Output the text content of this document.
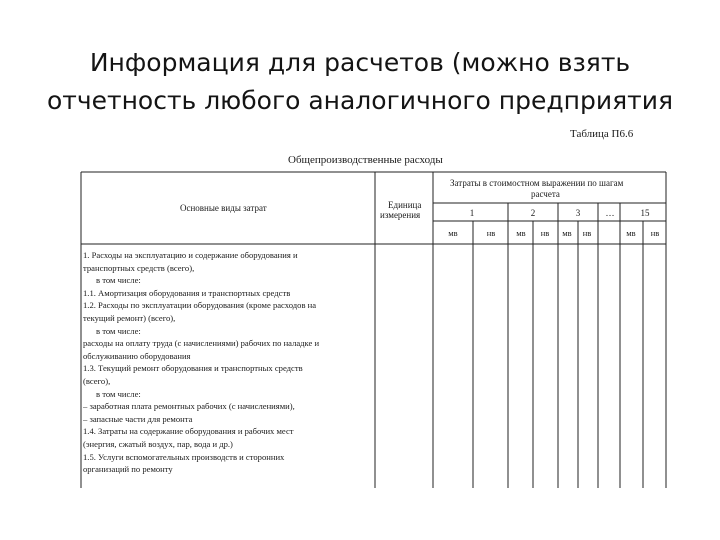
Информация для расчетов (можно взять
отчетность любого аналогичного предприятия
Таблица П6.6
Общепроизводственные расходы
Основные виды затрат	Единица
измерения
Затраты в стоимостном выражении по шагам
расчета
1	2	3	…	15
мв	нв	мв	нв	мв	нв	мв	нв
1. Расходы на эксплуатацию и содержание оборудования и
транспортных средств (всего),
в том числе:
1.1. Амортизация оборудования и транспортных средств
1.2. Расходы по эксплуатации оборудования (кроме расходов на
текущий ремонт) (всего),
в том числе:
расходы на оплату труда (с начислениями) рабочих по наладке и
обслуживанию оборудования
1.3. Текущий ремонт оборудования и транспортных средств
(всего),
в том числе:
– заработная плата ремонтных рабочих (с начислениями),
– запасные части для ремонта
1.4. Затраты на содержание оборудования и рабочих мест
(энергия, сжатый воздух, пар, вода и др.)
1.5. Услуги вспомогательных производств и сторонних
организаций по ремонту
